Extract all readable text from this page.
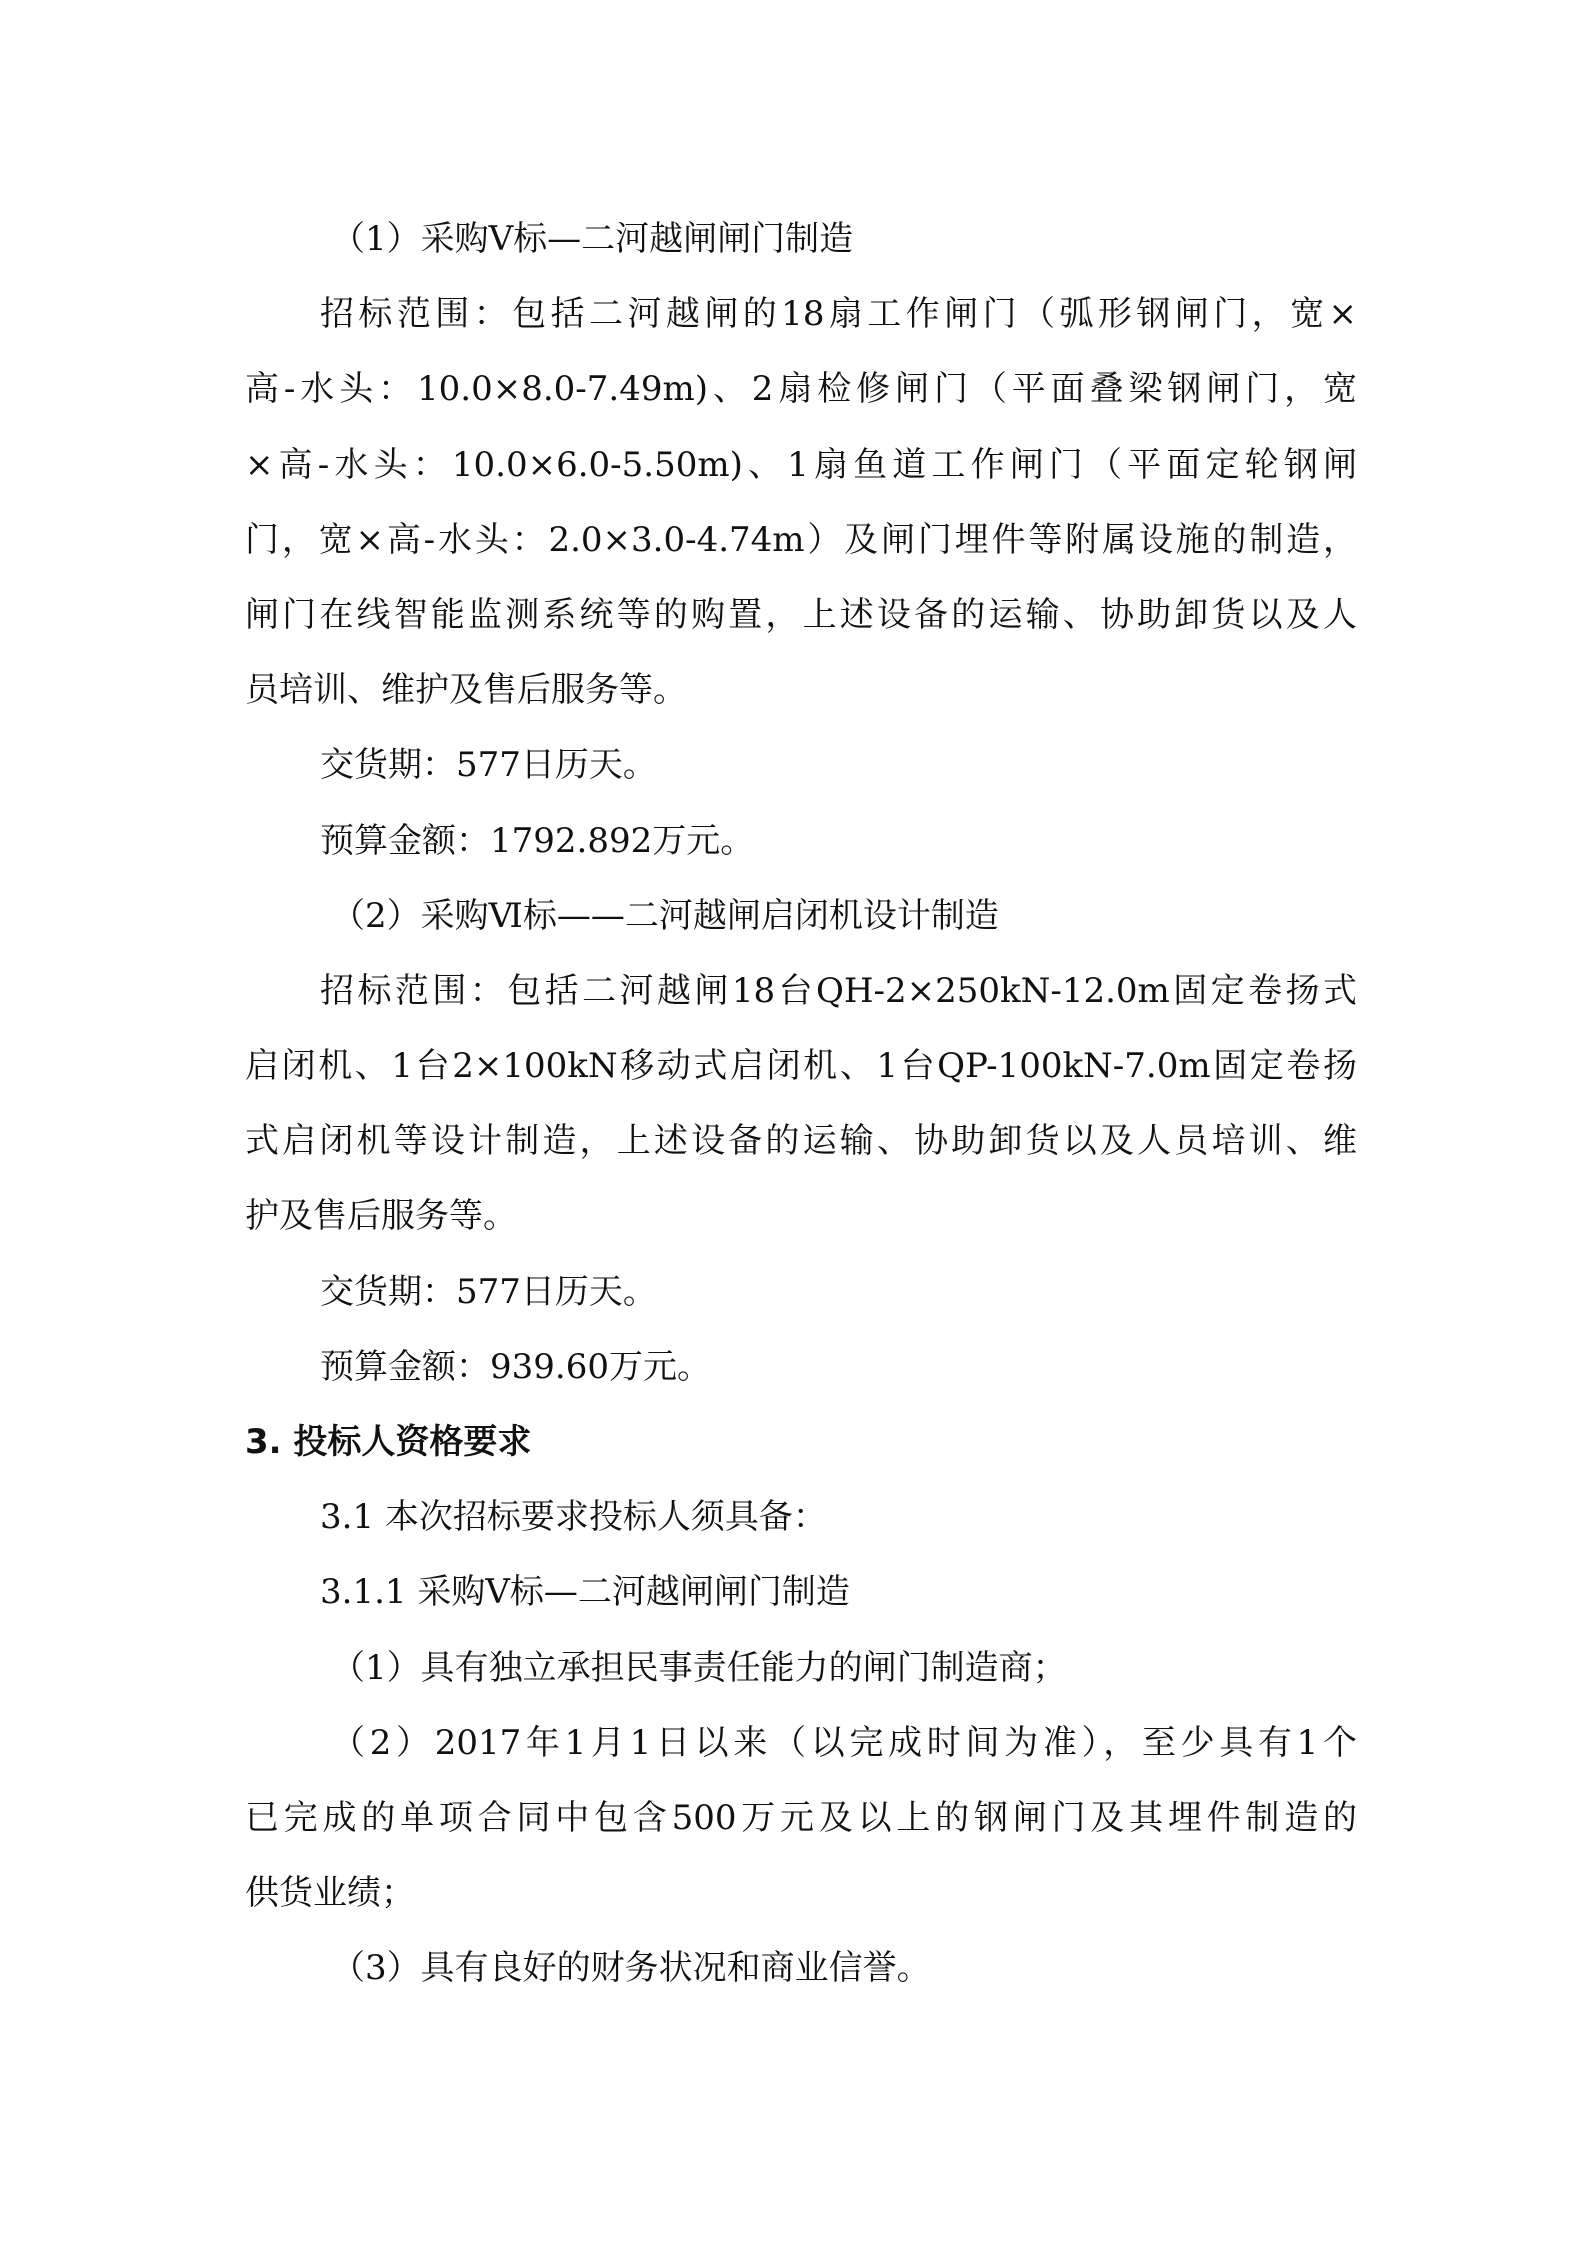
（1）采购Ⅴ标—二河越闸闸门制造
招标范围：包括二河越闸的18扇工作闸门（弧形钢闸门，宽×
高-水头：10.0×8.0-7.49m)、2扇检修闸门（平面叠梁钢闸门，宽
×高-水头：10.0×6.0-5.50m)、1扇鱼道工作闸门（平面定轮钢闸
门，宽×高-水头：2.0×3.0-4.74m）及闸门埋件等附属设施的制造，
闸门在线智能监测系统等的购置，上述设备的运输、协助卸货以及人
员培训、维护及售后服务等。
交货期：577日历天。
预算金额：1792.892万元。
（2）采购Ⅵ标——二河越闸启闭机设计制造
招标范围：包括二河越闸18台QH-2×250kN-12.0m固定卷扬式
启闭机、1台2×100kN移动式启闭机、1台QP-100kN-7.0m固定卷扬
式启闭机等设计制造，上述设备的运输、协助卸货以及人员培训、维
护及售后服务等。
交货期：577日历天。
预算金额：939.60万元。
3. 投标人资格要求
3.1 本次招标要求投标人须具备：
3.1.1 采购Ⅴ标—二河越闸闸门制造
（1）具有独立承担民事责任能力的闸门制造商；
（2）2017年1月1日以来（以完成时间为准），至少具有1个
已完成的单项合同中包含500万元及以上的钢闸门及其埋件制造的
供货业绩；
（3）具有良好的财务状况和商业信誉。
